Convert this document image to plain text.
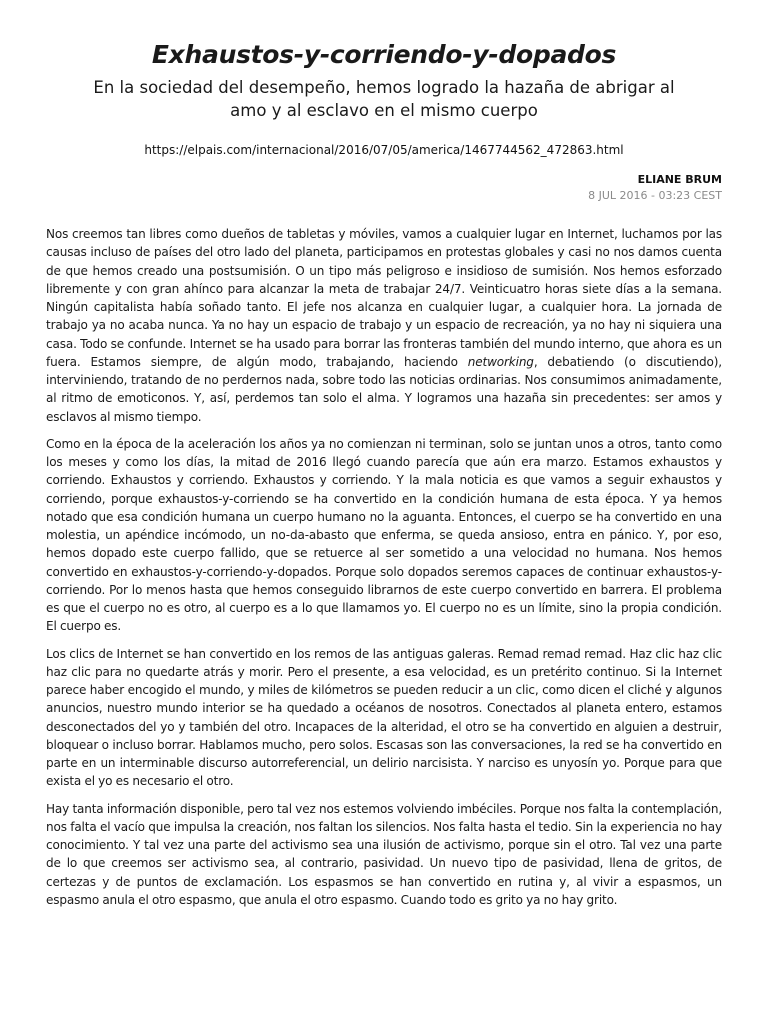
Exhaustos-y-corriendo-y-dopados
En la sociedad del desempeño, hemos logrado la hazaña de abrigar al amo y al esclavo en el mismo cuerpo
https://elpais.com/internacional/2016/07/05/america/1467744562_472863.html
ELIANE BRUM
8 JUL 2016 - 03:23 CEST

Nos creemos tan libres como dueños de tabletas y móviles, vamos a cualquier lugar en Internet, luchamos por las causas incluso de países del otro lado del planeta, participamos en protestas globales y casi no nos damos cuenta de que hemos creado una postsumisión. O un tipo más peligroso e insidioso de sumisión. Nos hemos esforzado libremente y con gran ahínco para alcanzar la meta de trabajar 24/7. Veinticuatro horas siete días a la semana. Ningún capitalista había soñado tanto. El jefe nos alcanza en cualquier lugar, a cualquier hora. La jornada de trabajo ya no acaba nunca. Ya no hay un espacio de trabajo y un espacio de recreación, ya no hay ni siquiera una casa. Todo se confunde. Internet se ha usado para borrar las fronteras también del mundo interno, que ahora es un fuera. Estamos siempre, de algún modo, trabajando, haciendo networking, debatiendo (o discutiendo), interviniendo, tratando de no perdernos nada, sobre todo las noticias ordinarias. Nos consumimos animadamente, al ritmo de emoticonos. Y, así, perdemos tan solo el alma. Y logramos una hazaña sin precedentes: ser amos y esclavos al mismo tiempo.

Como en la época de la aceleración los años ya no comienzan ni terminan, solo se juntan unos a otros, tanto como los meses y como los días, la mitad de 2016 llegó cuando parecía que aún era marzo. Estamos exhaustos y corriendo. Exhaustos y corriendo. Exhaustos y corriendo. Y la mala noticia es que vamos a seguir exhaustos y corriendo, porque exhaustos-y-corriendo se ha convertido en la condición humana de esta época. Y ya hemos notado que esa condición humana un cuerpo humano no la aguanta. Entonces, el cuerpo se ha convertido en una molestia, un apéndice incómodo, un no-da-abasto que enferma, se queda ansioso, entra en pánico. Y, por eso, hemos dopado este cuerpo fallido, que se retuerce al ser sometido a una velocidad no humana. Nos hemos convertido en exhaustos-y-corriendo-y-dopados. Porque solo dopados seremos capaces de continuar exhaustos-y-corriendo. Por lo menos hasta que hemos conseguido librarnos de este cuerpo convertido en barrera. El problema es que el cuerpo no es otro, al cuerpo es a lo que llamamos yo. El cuerpo no es un límite, sino la propia condición. El cuerpo es.

Los clics de Internet se han convertido en los remos de las antiguas galeras. Remad remad remad. Haz clic haz clic haz clic para no quedarte atrás y morir. Pero el presente, a esa velocidad, es un pretérito continuo. Si la Internet parece haber encogido el mundo, y miles de kilómetros se pueden reducir a un clic, como dicen el cliché y algunos anuncios, nuestro mundo interior se ha quedado a océanos de nosotros. Conectados al planeta entero, estamos desconectados del yo y también del otro. Incapaces de la alteridad, el otro se ha convertido en alguien a destruir, bloquear o incluso borrar. Hablamos mucho, pero solos. Escasas son las conversaciones, la red se ha convertido en parte en un interminable discurso autorreferencial, un delirio narcisista. Y narciso es unyosín yo. Porque para que exista el yo es necesario el otro.

Hay tanta información disponible, pero tal vez nos estemos volviendo imbéciles. Porque nos falta la contemplación, nos falta el vacío que impulsa la creación, nos faltan los silencios. Nos falta hasta el tedio. Sin la experiencia no hay conocimiento. Y tal vez una parte del activismo sea una ilusión de activismo, porque sin el otro. Tal vez una parte de lo que creemos ser activismo sea, al contrario, pasividad. Un nuevo tipo de pasividad, llena de gritos, de certezas y de puntos de exclamación. Los espasmos se han convertido en rutina y, al vivir a espasmos, un espasmo anula el otro espasmo, que anula el otro espasmo. Cuando todo es grito ya no hay grito.
